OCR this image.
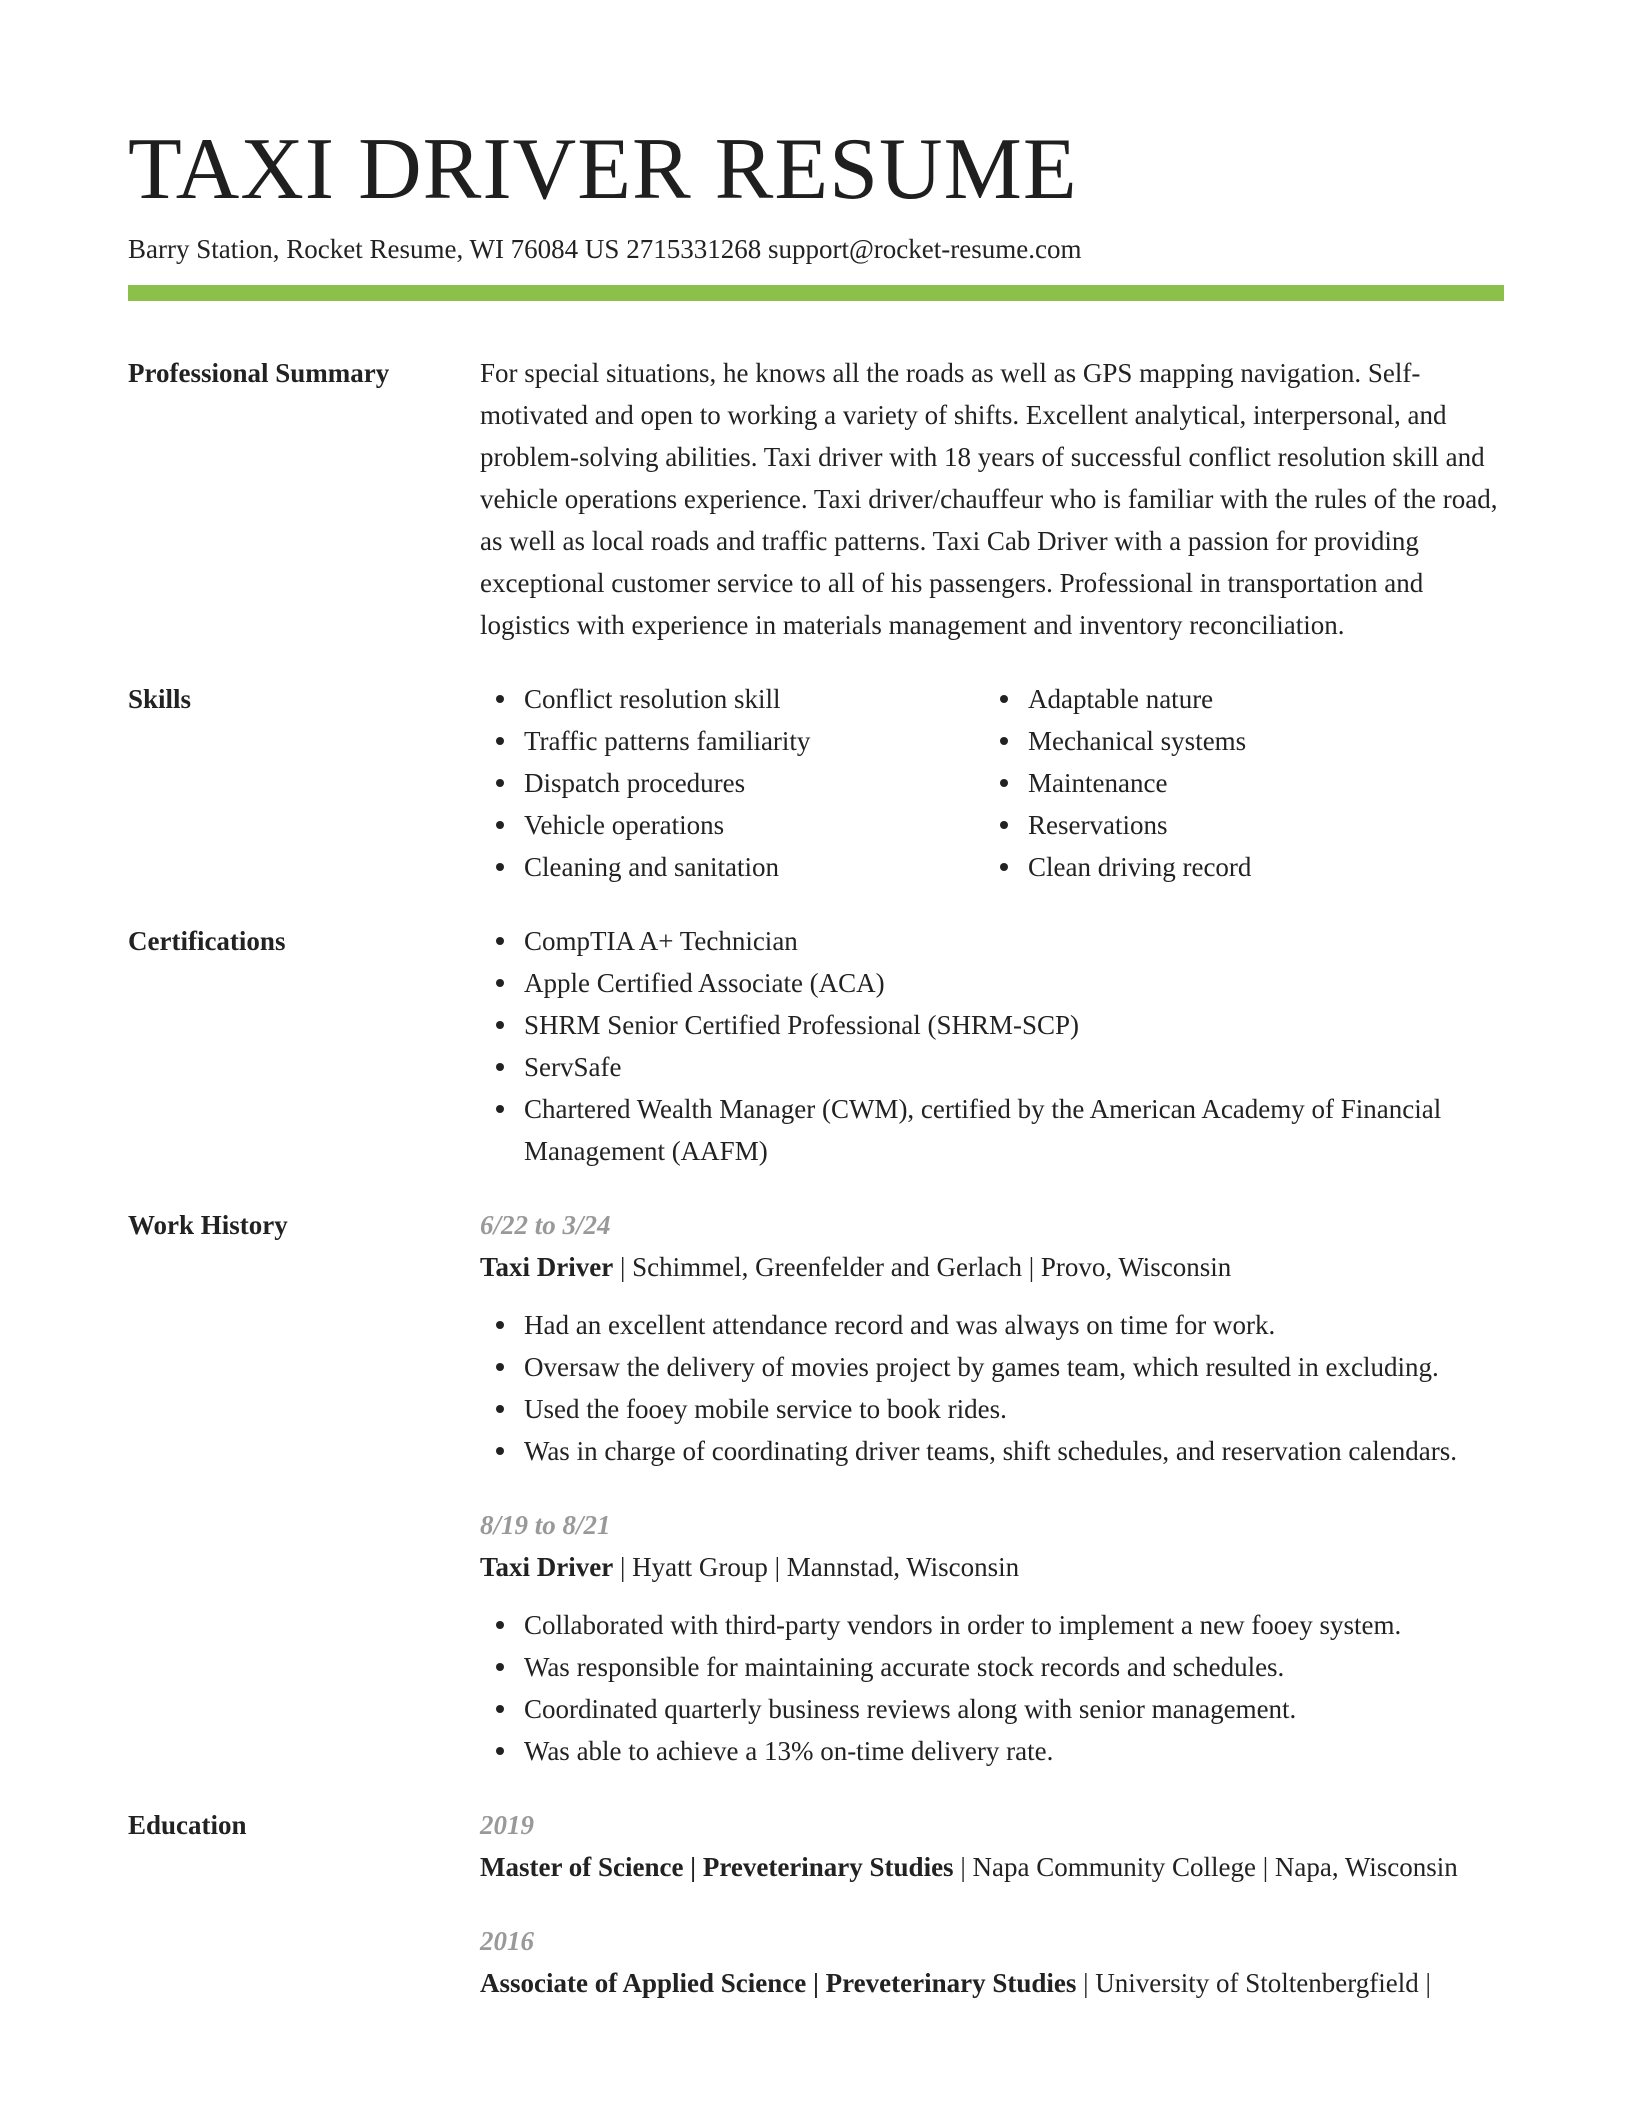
TAXI DRIVER RESUME
Barry Station, Rocket Resume, WI 76084 US 2715331268 support@rocket-resume.com
Professional Summary	For special situations, he knows all the roads as well as GPS mapping navigation. Self-motivated and open to working a variety of shifts. Excellent analytical, interpersonal, and problem-solving abilities. Taxi driver with 18 years of successful conflict resolution skill and vehicle operations experience. Taxi driver/chauffeur who is familiar with the rules of the road, as well as local roads and traffic patterns. Taxi Cab Driver with a passion for providing exceptional customer service to all of his passengers. Professional in transportation and logistics with experience in materials management and inventory reconciliation.

Skills	Conflict resolution skill
Traffic patterns familiarity
Dispatch procedures
Vehicle operations
Cleaning and sanitation
Adaptable nature
Mechanical systems
Maintenance
Reservations
Clean driving record
Certifications	CompTIA A+ Technician
Apple Certified Associate (ACA)
SHRM Senior Certified Professional (SHRM-SCP)
ServSafe
Chartered Wealth Manager (CWM), certified by the American Academy of Financial Management (AAFM)
Work History	6/22 to 3/24
Taxi Driver | Schimmel, Greenfelder and Gerlach | Provo, Wisconsin
Had an excellent attendance record and was always on time for work.
Oversaw the delivery of movies project by games team, which resulted in excluding.
Used the fooey mobile service to book rides.
Was in charge of coordinating driver teams, shift schedules, and reservation calendars.
8/19 to 8/21
Taxi Driver | Hyatt Group | Mannstad, Wisconsin
Collaborated with third-party vendors in order to implement a new fooey system.
Was responsible for maintaining accurate stock records and schedules.
Coordinated quarterly business reviews along with senior management.
Was able to achieve a 13% on-time delivery rate.
Education	2019
Master of Science | Preveterinary Studies | Napa Community College | Napa, Wisconsin
2016
Associate of Applied Science | Preveterinary Studies | University of Stoltenbergfield |
